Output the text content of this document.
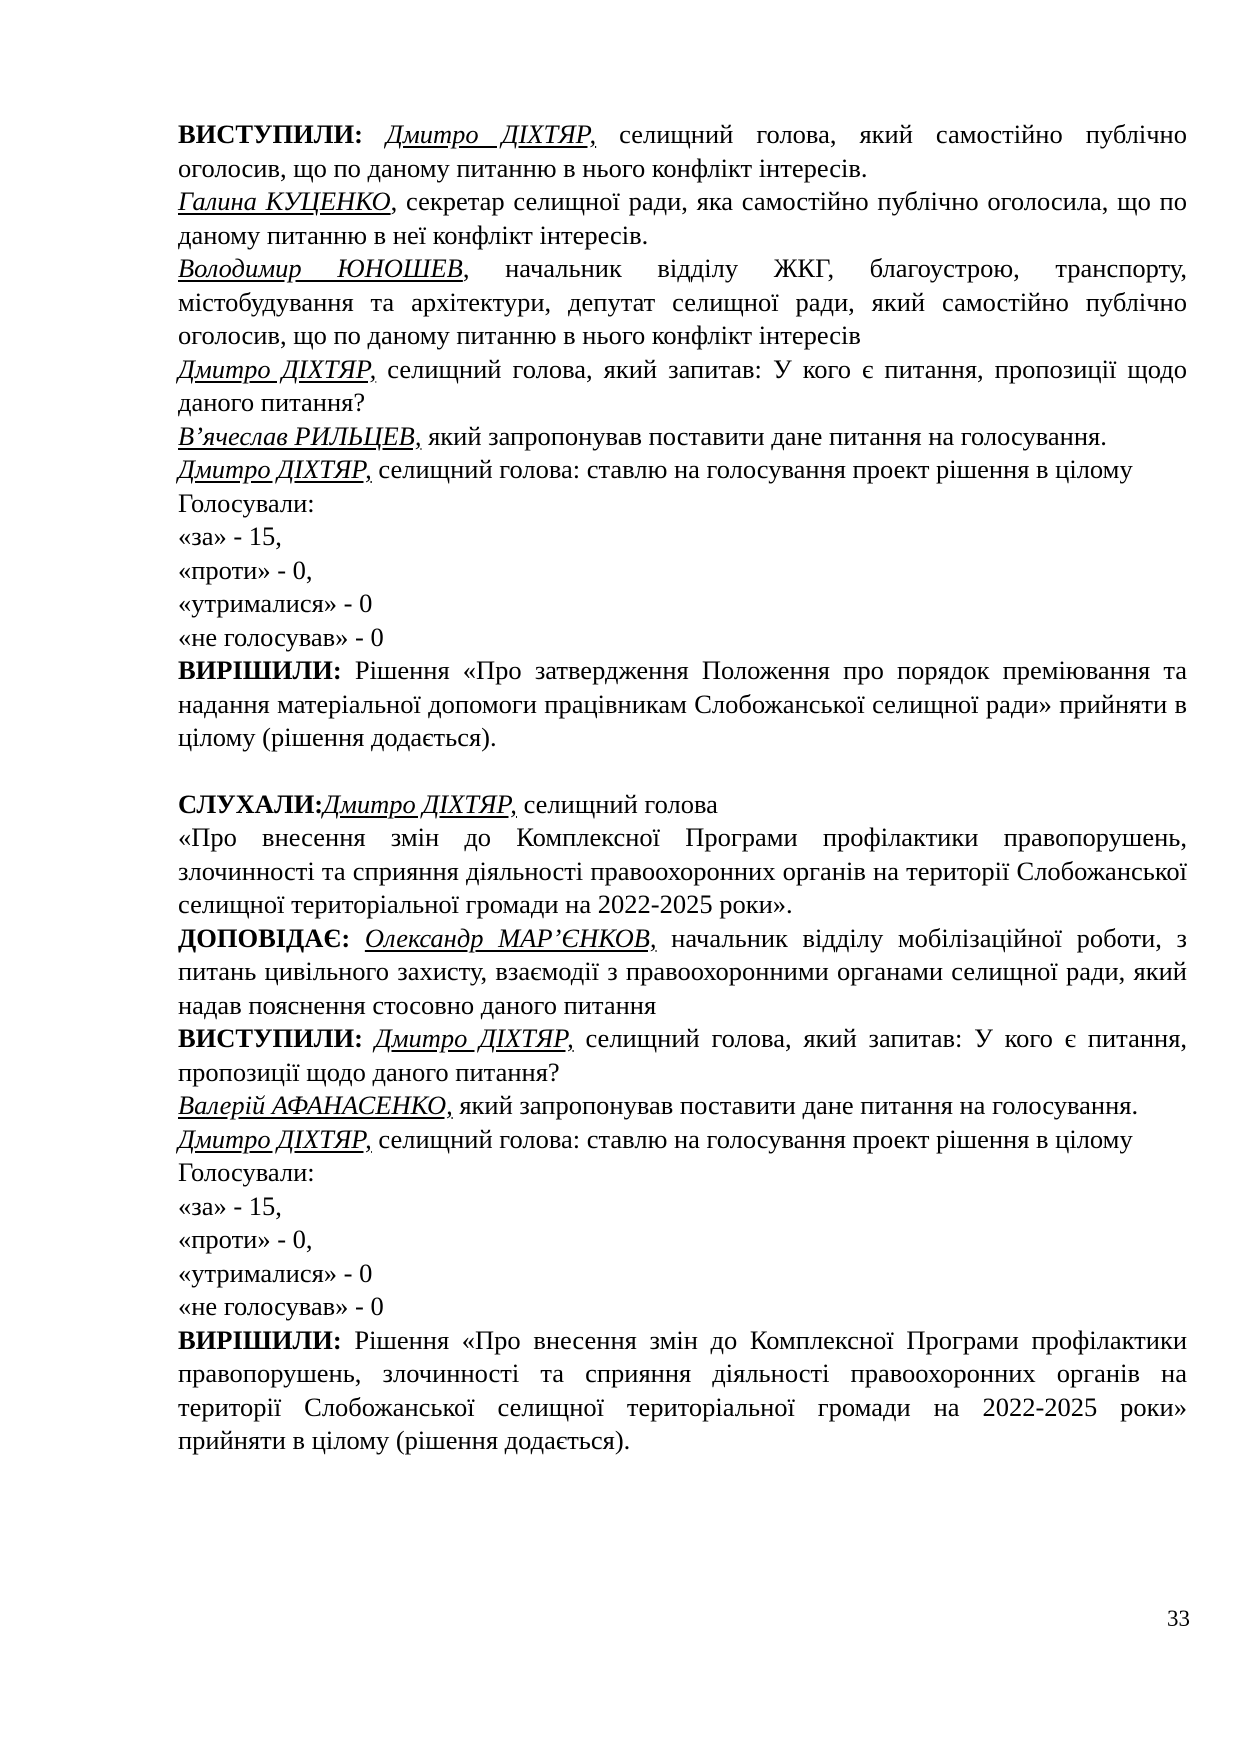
ВИСТУПИЛИ: Дмитро ДІХТЯР, селищний голова, який самостійно публічно оголосив, що по даному питанню в нього конфлікт інтересів.

Галина КУЦЕНКО, секретар селищної ради, яка самостійно публічно оголосила, що по даному питанню в неї конфлікт інтересів.

Володимир ЮНОШЕВ, начальник відділу ЖКГ, благоустрою, транспорту, містобудування та архітектури, депутат селищної ради, який самостійно публічно оголосив, що по даному питанню в нього конфлікт інтересів

Дмитро ДІХТЯР, селищний голова, який запитав: У кого є питання, пропозиції щодо даного питання?

В’ячеслав РИЛЬЦЕВ, який запропонував поставити дане питання на голосування.

Дмитро ДІХТЯР, селищний голова: ставлю на голосування проект рішення в цілому

Голосували:

«за» - 15,

«проти» - 0,

«утрималися» - 0

«не голосував» - 0

ВИРІШИЛИ: Рішення «Про затвердження Положення про порядок преміювання та надання матеріальної допомоги працівникам Слобожанської селищної ради» прийняти в цілому (рішення додається).

СЛУХАЛИ:Дмитро ДІХТЯР, селищний голова

«Про внесення змін до Комплексної Програми профілактики правопорушень, злочинності та сприяння діяльності правоохоронних органів на території Слобожанської селищної територіальної громади на 2022-2025 роки».

ДОПОВІДАЄ: Олександр МАР’ЄНКОВ, начальник відділу мобілізаційної роботи, з питань цивільного захисту, взаємодії з правоохоронними органами селищної ради, який надав пояснення стосовно даного питання

ВИСТУПИЛИ: Дмитро ДІХТЯР, селищний голова, який запитав: У кого є питання, пропозиції щодо даного питання?

Валерій АФАНАСЕНКО, який запропонував поставити дане питання на голосування.

Дмитро ДІХТЯР, селищний голова: ставлю на голосування проект рішення в цілому

Голосували:

«за» - 15,

«проти» - 0,

«утрималися» - 0

«не голосував» - 0

ВИРІШИЛИ: Рішення «Про внесення змін до Комплексної Програми профілактики правопорушень, злочинності та сприяння діяльності правоохоронних органів на території Слобожанської селищної територіальної громади на 2022-2025 роки» прийняти в цілому (рішення додається).

33
